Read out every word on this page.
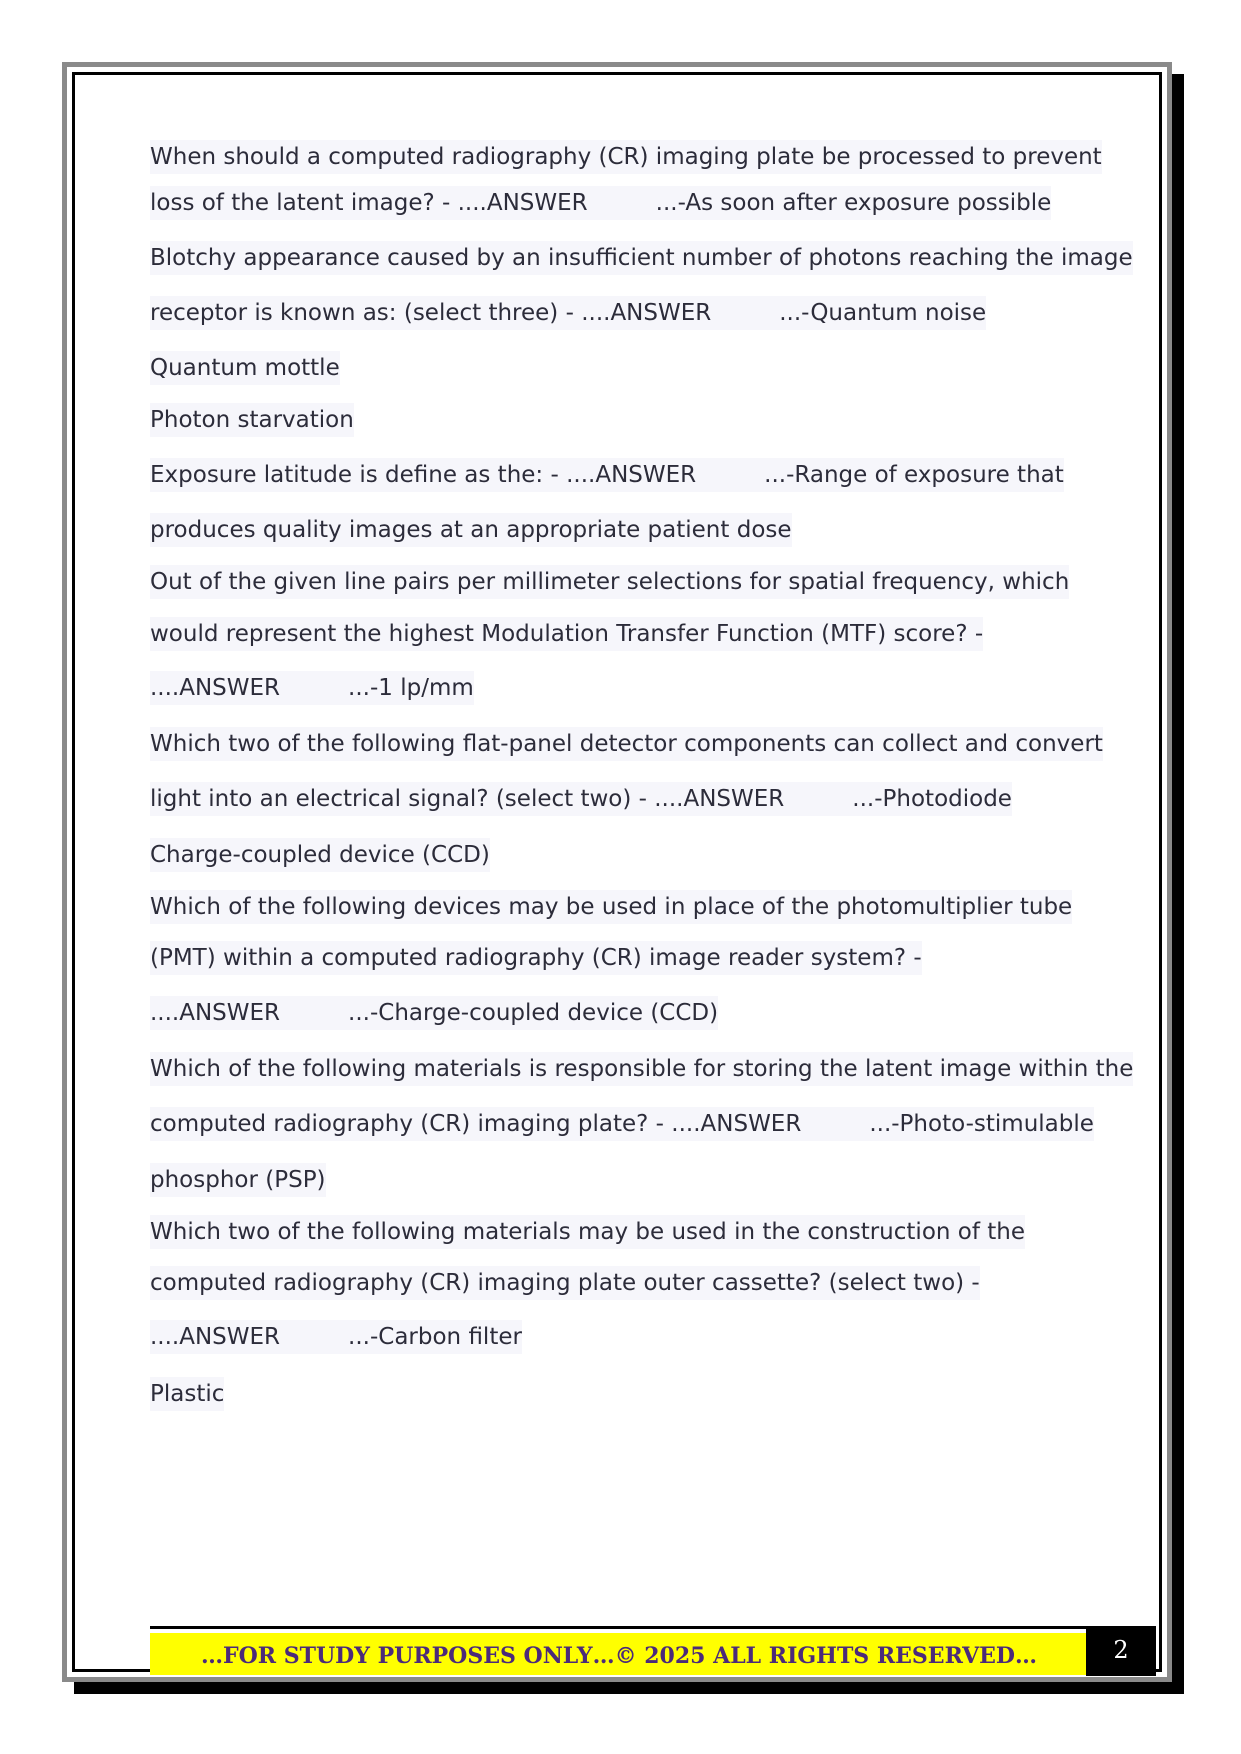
When should a computed radiography (CR) imaging plate be processed to prevent
loss of the latent image? - ....ANSWER	...-As soon after exposure possible
Blotchy appearance caused by an insufficient number of photons reaching the image
receptor is known as: (select three) - ....ANSWER	...-Quantum noise
Quantum mottle
Photon starvation
Exposure latitude is define as the: - ....ANSWER	...-Range of exposure that
produces quality images at an appropriate patient dose
Out of the given line pairs per millimeter selections for spatial frequency, which
would represent the highest Modulation Transfer Function (MTF) score? -
....ANSWER	...-1 lp/mm
Which two of the following flat-panel detector components can collect and convert
light into an electrical signal? (select two) - ....ANSWER	...-Photodiode
Charge-coupled device (CCD)
Which of the following devices may be used in place of the photomultiplier tube
(PMT) within a computed radiography (CR) image reader system? -
....ANSWER	...-Charge-coupled device (CCD)
Which of the following materials is responsible for storing the latent image within the
computed radiography (CR) imaging plate? - ....ANSWER	...-Photo-stimulable
phosphor (PSP)
Which two of the following materials may be used in the construction of the
computed radiography (CR) imaging plate outer cassette? (select two) -
....ANSWER	...-Carbon filter
Plastic
…FOR STUDY PURPOSES ONLY…© 2025 ALL RIGHTS RESERVED…	2
